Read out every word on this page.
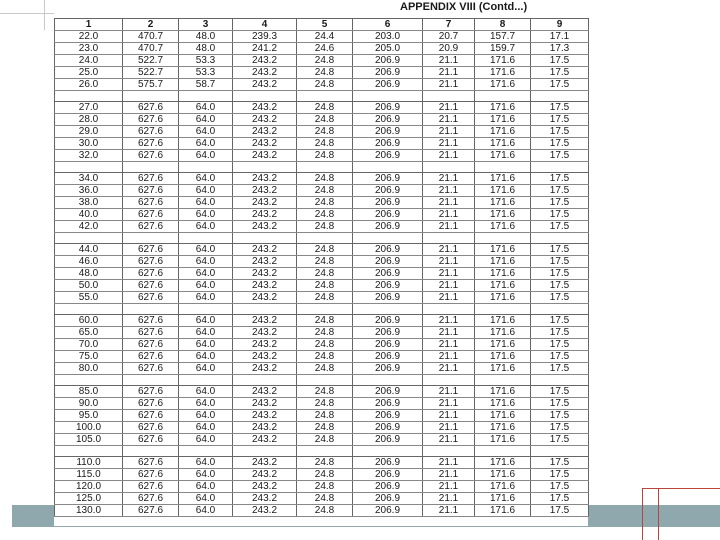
APPENDIX VIII (Contd...)
1	2	3	4	5	6	7	8	9
22.0	470.7	48.0	239.3	24.4	203.0	20.7	157.7	17.1
23.0	470.7	48.0	241.2	24.6	205.0	20.9	159.7	17.3
24.0	522.7	53.3	243.2	24.8	206.9	21.1	171.6	17.5
25.0	522.7	53.3	243.2	24.8	206.9	21.1	171.6	17.5
26.0	575.7	58.7	243.2	24.8	206.9	21.1	171.6	17.5

27.0	627.6	64.0	243.2	24.8	206.9	21.1	171.6	17.5
28.0	627.6	64.0	243.2	24.8	206.9	21.1	171.6	17.5
29.0	627.6	64.0	243.2	24.8	206.9	21.1	171.6	17.5
30.0	627.6	64.0	243.2	24.8	206.9	21.1	171.6	17.5
32.0	627.6	64.0	243.2	24.8	206.9	21.1	171.6	17.5

34.0	627.6	64.0	243.2	24.8	206.9	21.1	171.6	17.5
36.0	627.6	64.0	243.2	24.8	206.9	21.1	171.6	17.5
38.0	627.6	64.0	243.2	24.8	206.9	21.1	171.6	17.5
40.0	627.6	64.0	243.2	24.8	206.9	21.1	171.6	17.5
42.0	627.6	64.0	243.2	24.8	206.9	21.1	171.6	17.5

44.0	627.6	64.0	243.2	24.8	206.9	21.1	171.6	17.5
46.0	627.6	64.0	243.2	24.8	206.9	21.1	171.6	17.5
48.0	627.6	64.0	243.2	24.8	206.9	21.1	171.6	17.5
50.0	627.6	64.0	243.2	24.8	206.9	21.1	171.6	17.5
55.0	627.6	64.0	243.2	24.8	206.9	21.1	171.6	17.5

60.0	627.6	64.0	243.2	24.8	206.9	21.1	171.6	17.5
65.0	627.6	64.0	243.2	24.8	206.9	21.1	171.6	17.5
70.0	627.6	64.0	243.2	24.8	206.9	21.1	171.6	17.5
75.0	627.6	64.0	243.2	24.8	206.9	21.1	171.6	17.5
80.0	627.6	64.0	243.2	24.8	206.9	21.1	171.6	17.5

85.0	627.6	64.0	243.2	24.8	206.9	21.1	171.6	17.5
90.0	627.6	64.0	243.2	24.8	206.9	21.1	171.6	17.5
95.0	627.6	64.0	243.2	24.8	206.9	21.1	171.6	17.5
100.0	627.6	64.0	243.2	24.8	206.9	21.1	171.6	17.5
105.0	627.6	64.0	243.2	24.8	206.9	21.1	171.6	17.5

110.0	627.6	64.0	243.2	24.8	206.9	21.1	171.6	17.5
115.0	627.6	64.0	243.2	24.8	206.9	21.1	171.6	17.5
120.0	627.6	64.0	243.2	24.8	206.9	21.1	171.6	17.5
125.0	627.6	64.0	243.2	24.8	206.9	21.1	171.6	17.5
130.0	627.6	64.0	243.2	24.8	206.9	21.1	171.6	17.5
